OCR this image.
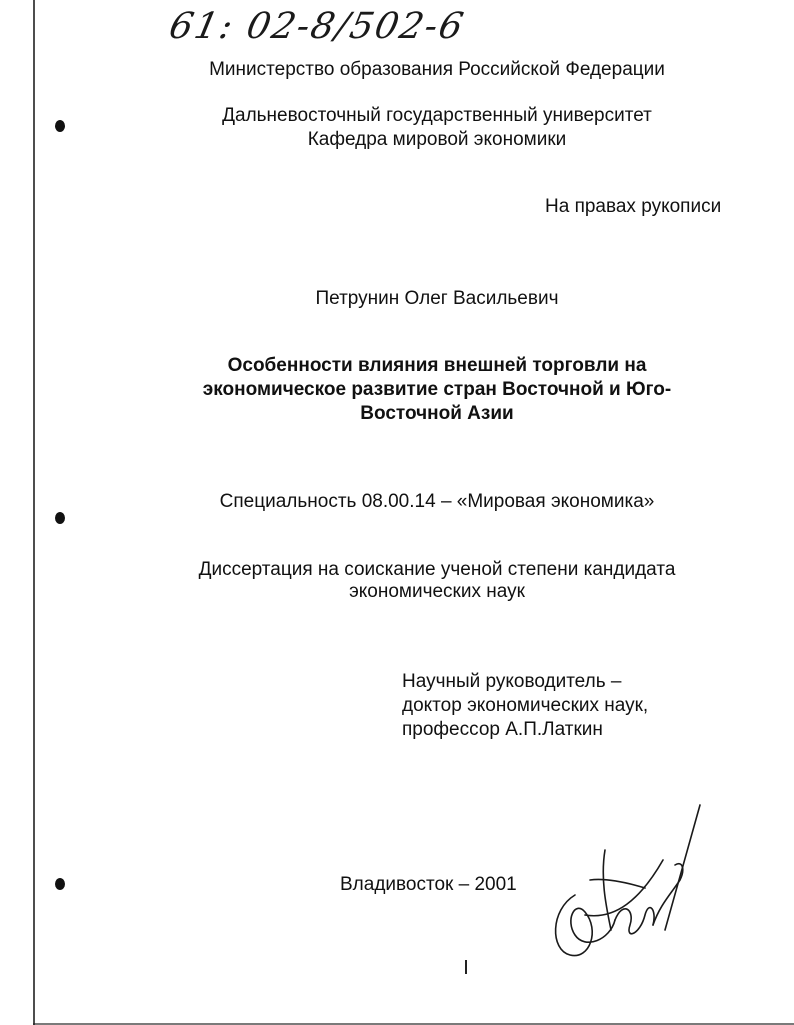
61: 02-8/502-6
Министерство образования Российской Федерации
Дальневосточный государственный университет
Кафедра мировой экономики
На правах рукописи
Петрунин Олег Васильевич
Особенности влияния внешней торговли на
экономическое развитие стран Восточной и Юго-
Восточной Азии
Специальность 08.00.14 – «Мировая экономика»
Диссертация на соискание ученой степени кандидата
экономических наук
Научный руководитель –
доктор экономических наук,
профессор А.П.Латкин
Владивосток – 2001
